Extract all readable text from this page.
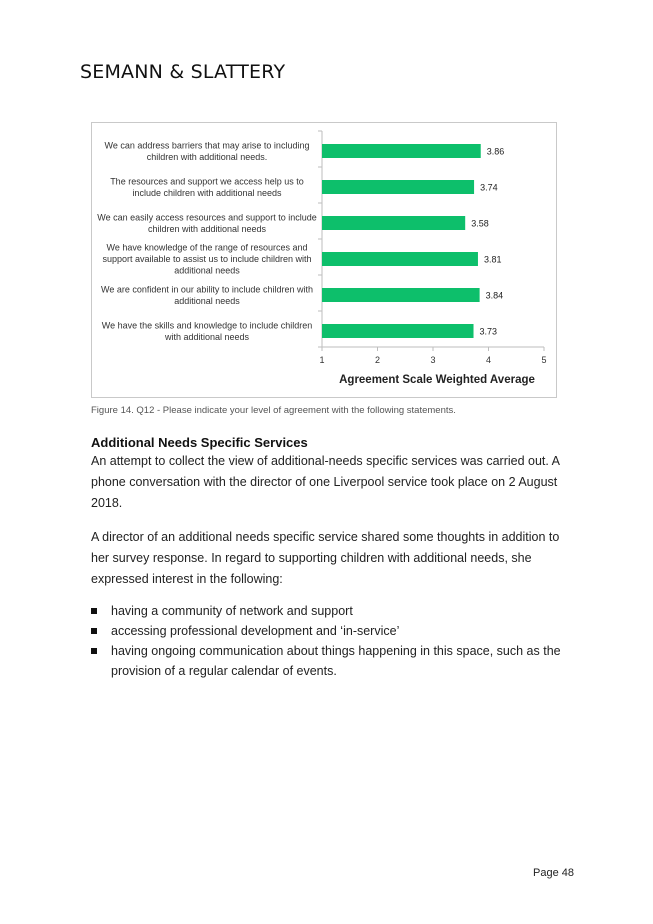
SEMANN & SLATTERY
3.86
We can address barriers that may arise to including children with additional needs.
3.74
The resources and support we access help us to include children with additional needs
3.58
We can easily access resources and support to include children with additional needs
3.81
We have knowledge of the range of resources and support available to assist us to include children with additional needs
3.84
We are confident in our ability to include children with additional needs
3.73
We have the skills and knowledge to include children with additional needs
1	2	3	4	5
Agreement Scale Weighted Average
Figure 14. Q12 - Please indicate your level of agreement with the following statements.
Additional Needs Specific Services

An attempt to collect the view of additional-needs specific services was carried out. A phone conversation with the director of one Liverpool service took place on 2 August 2018.

A director of an additional needs specific service shared some thoughts in addition to her survey response. In regard to supporting children with additional needs, she expressed interest in the following:

having a community of network and support
accessing professional development and ‘in-service’
having ongoing communication about things happening in this space, such as the provision of a regular calendar of events.
Page 48
